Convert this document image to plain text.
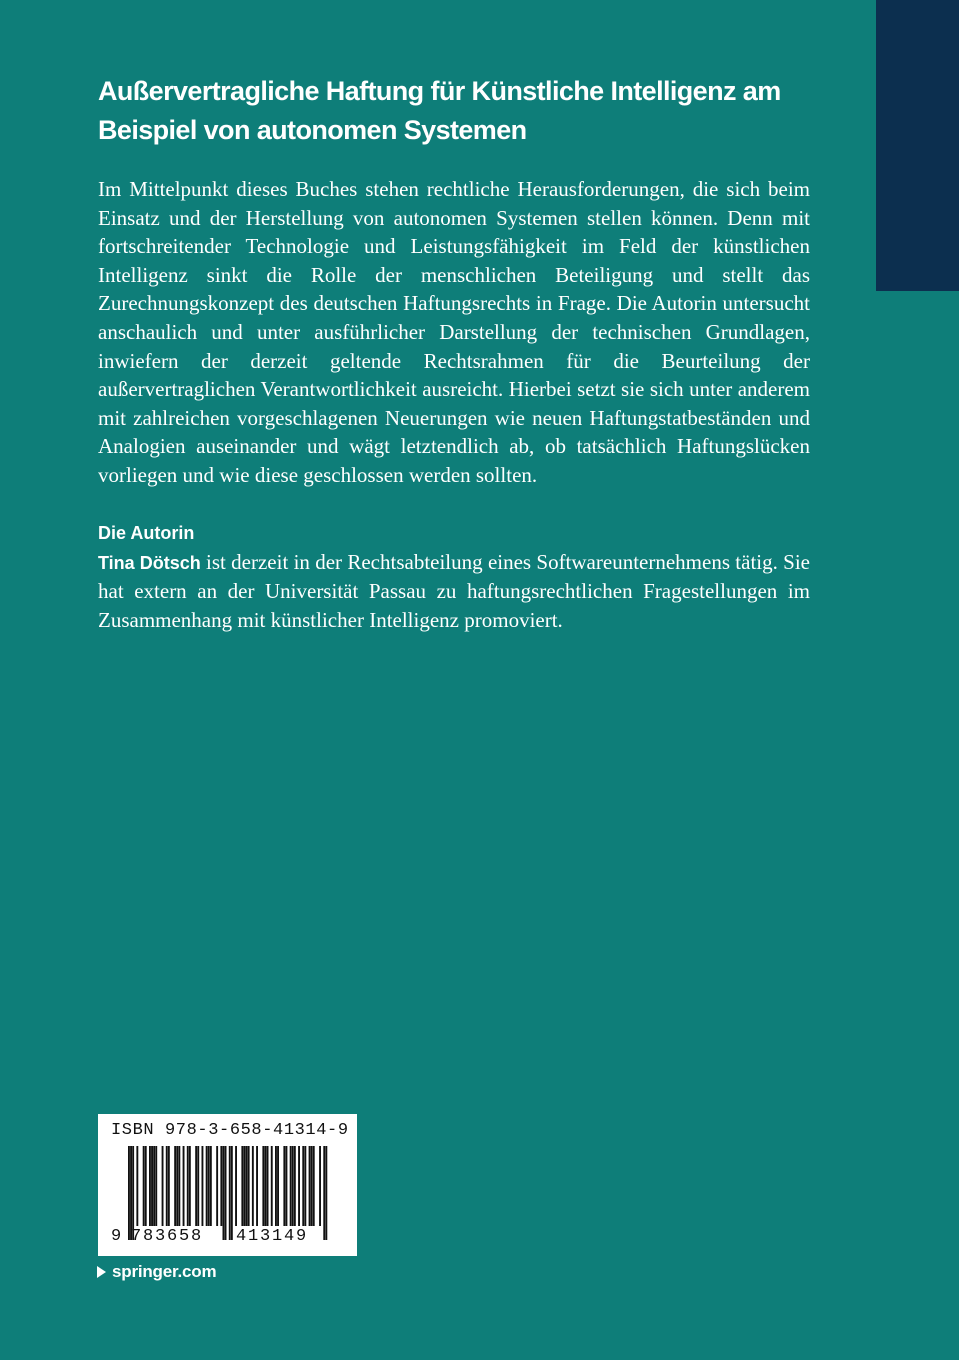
Außervertragliche Haftung für Künstliche Intelligenz am Beispiel von autonomen Systemen

Im Mittelpunkt dieses Buches stehen rechtliche Herausforderungen, die sich beim Einsatz und der Herstellung von autonomen Systemen stellen können. Denn mit fortschreitender Technologie und Leistungsfähigkeit im Feld der künstlichen Intelligenz sinkt die Rolle der menschlichen Beteiligung und stellt das Zurechnungskonzept des deutschen Haftungsrechts in Frage. Die Autorin untersucht anschaulich und unter ausführlicher Darstellung der technischen Grundlagen, inwiefern der derzeit geltende Rechtsrahmen für die Beurteilung der außervertraglichen Verantwortlichkeit ausreicht. Hierbei setzt sie sich unter anderem mit zahlreichen vorgeschlagenen Neuerungen wie neuen Haftungstatbeständen und Analogien auseinander und wägt letztendlich ab, ob tatsächlich Haftungslücken vorliegen und wie diese geschlossen werden sollten.

Die Autorin

Tina Dötsch ist derzeit in der Rechtsabteilung eines Softwareunternehmens tätig. Sie hat extern an der Universität Passau zu haftungsrechtlichen Fragestellungen im Zusammenhang mit künstlicher Intelligenz promoviert.

ISBN 978-3-658-41314-9
9 783658 413149
springer.com
